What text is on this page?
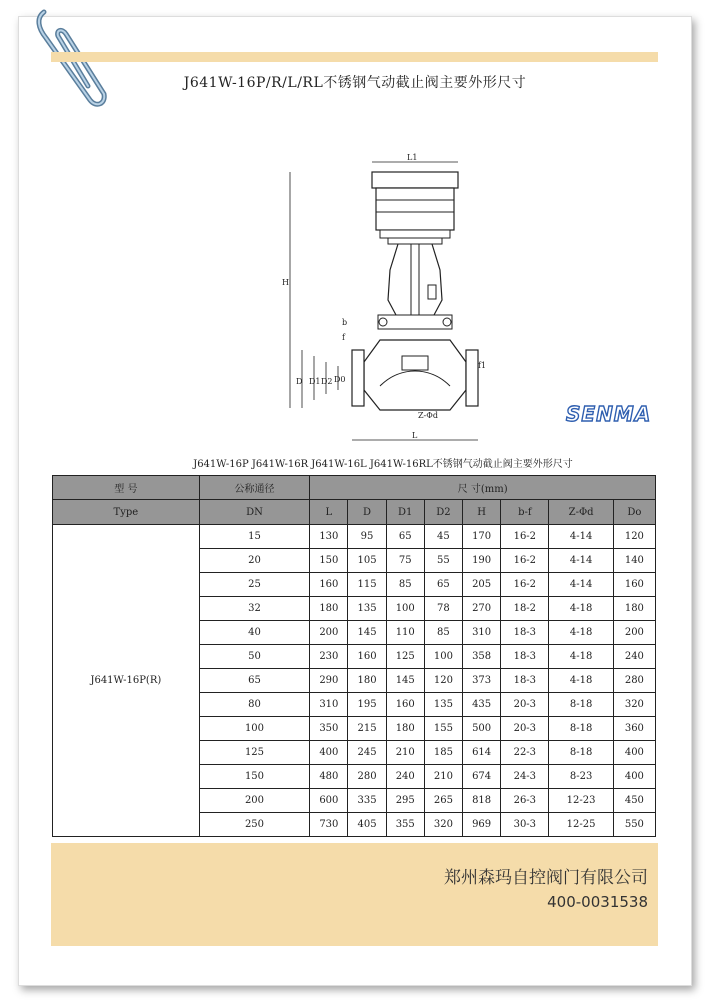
J641W-16P/R/L/RL不锈钢气动截止阀主要外形尺寸
L1
H
b
f
D D1 D2 D0
f1
Z-Φd
L
SENMA
J641W-16P J641W-16R J641W-16L J641W-16RL不锈钢气动截止阀主要外形尺寸
型 号	公称通径	尺 寸(mm)							
Type	DN	L	D	D1	D2	H	b-f	Z-Φd	Do
J641W-16P(R)	15	130	95	65	45	170	16-2	4-14	120
	20	150	105	75	55	190	16-2	4-14	140
	25	160	115	85	65	205	16-2	4-14	160
	32	180	135	100	78	270	18-2	4-18	180
	40	200	145	110	85	310	18-3	4-18	200
	50	230	160	125	100	358	18-3	4-18	240
	65	290	180	145	120	373	18-3	4-18	280
	80	310	195	160	135	435	20-3	8-18	320
	100	350	215	180	155	500	20-3	8-18	360
	125	400	245	210	185	614	22-3	8-18	400
	150	480	280	240	210	674	24-3	8-23	400
	200	600	335	295	265	818	26-3	12-23	450
	250	730	405	355	320	969	30-3	12-25	550
郑州森玛自控阀门有限公司
400-0031538
